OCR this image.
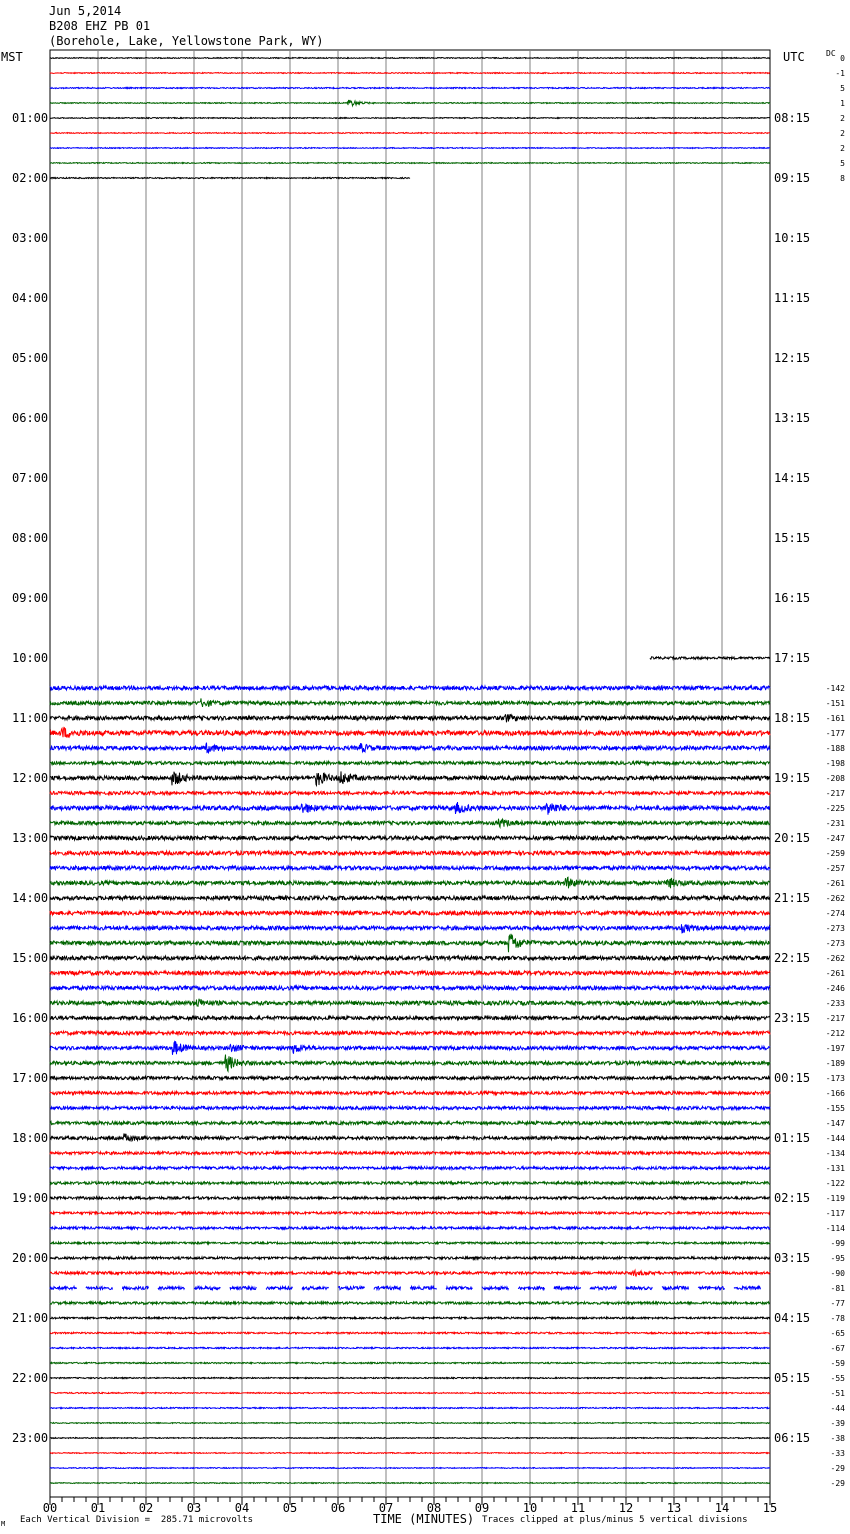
Jun 5,2014
B208 EHZ PB 01
(Borehole, Lake, Yellowstone Park, WY)
MST	UTC	DC
01:00
02:00
03:00
04:00
05:00
06:00
07:00
08:00
09:00
10:00
11:00
12:00
13:00
14:00
15:00
16:00
17:00
18:00
19:00
20:00
21:00
22:00
23:00
08:15
09:15
10:15
11:15
12:15
13:15
14:15
15:15
16:15
17:15
18:15
19:15
20:15
21:15
22:15
23:15
00:15
01:15
02:15
03:15
04:15
05:15
06:15
0
-1
5
1
2
2
2
5
8
-142
-151
-161
-177
-188
-198
-208
-217
-225
-231
-247
-259
-257
-261
-262
-274
-273
-273
-262
-261
-246
-233
-217
-212
-197
-189
-173
-166
-155
-147
-144
-134
-131
-122
-119
-117
-114
-99
-95
-90
-81
-77
-78
-65
-67
-59
-55
-51
-44
-39
-38
-33
-29
-29
00	01	02	03	04	05	06	07	08	09	10	11	12	13	14	15
M Each Vertical Division =  285.71 microvolts	TIME (MINUTES) Traces clipped at plus/minus 5 vertical divisions
